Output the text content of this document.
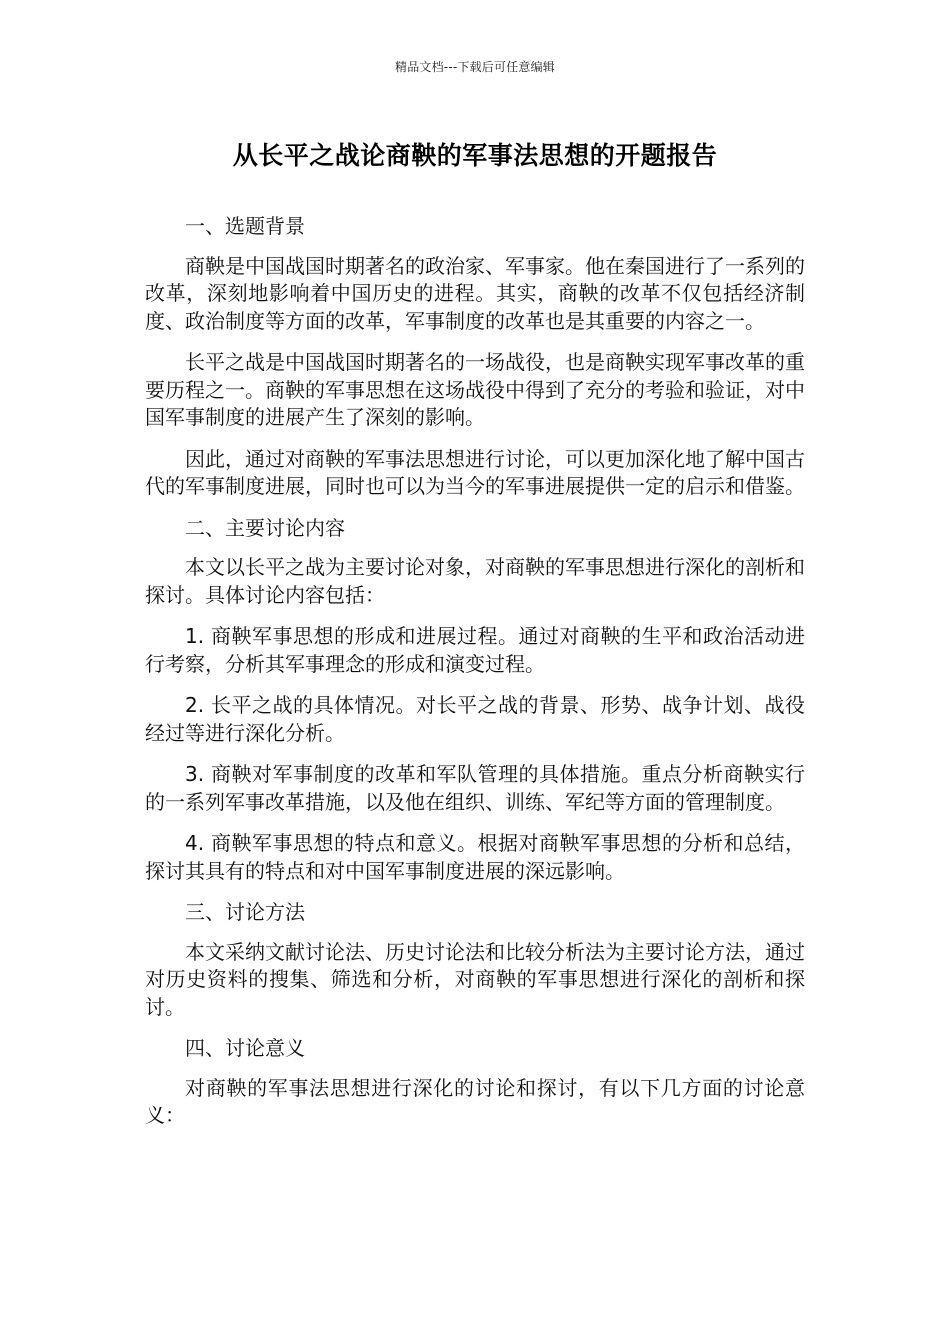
精品文档---下载后可任意编辑
从长平之战论商鞅的军事法思想的开题报告

一、选题背景

商鞅是中国战国时期著名的政治家、军事家。他在秦国进行了一系列的改革，深刻地影响着中国历史的进程。其实，商鞅的改革不仅包括经济制度、政治制度等方面的改革，军事制度的改革也是其重要的内容之一。

长平之战是中国战国时期著名的一场战役，也是商鞅实现军事改革的重要历程之一。商鞅的军事思想在这场战役中得到了充分的考验和验证，对中国军事制度的进展产生了深刻的影响。

因此，通过对商鞅的军事法思想进行讨论，可以更加深化地了解中国古代的军事制度进展，同时也可以为当今的军事进展提供一定的启示和借鉴。

二、主要讨论内容

本文以长平之战为主要讨论对象，对商鞅的军事思想进行深化的剖析和探讨。具体讨论内容包括：

1. 商鞅军事思想的形成和进展过程。通过对商鞅的生平和政治活动进行考察，分析其军事理念的形成和演变过程。

2. 长平之战的具体情况。对长平之战的背景、形势、战争计划、战役经过等进行深化分析。

3. 商鞅对军事制度的改革和军队管理的具体措施。重点分析商鞅实行的一系列军事改革措施，以及他在组织、训练、军纪等方面的管理制度。

4. 商鞅军事思想的特点和意义。根据对商鞅军事思想的分析和总结，探讨其具有的特点和对中国军事制度进展的深远影响。

三、讨论方法

本文采纳文献讨论法、历史讨论法和比较分析法为主要讨论方法，通过对历史资料的搜集、筛选和分析，对商鞅的军事思想进行深化的剖析和探讨。

四、讨论意义

对商鞅的军事法思想进行深化的讨论和探讨，有以下几方面的讨论意义：
